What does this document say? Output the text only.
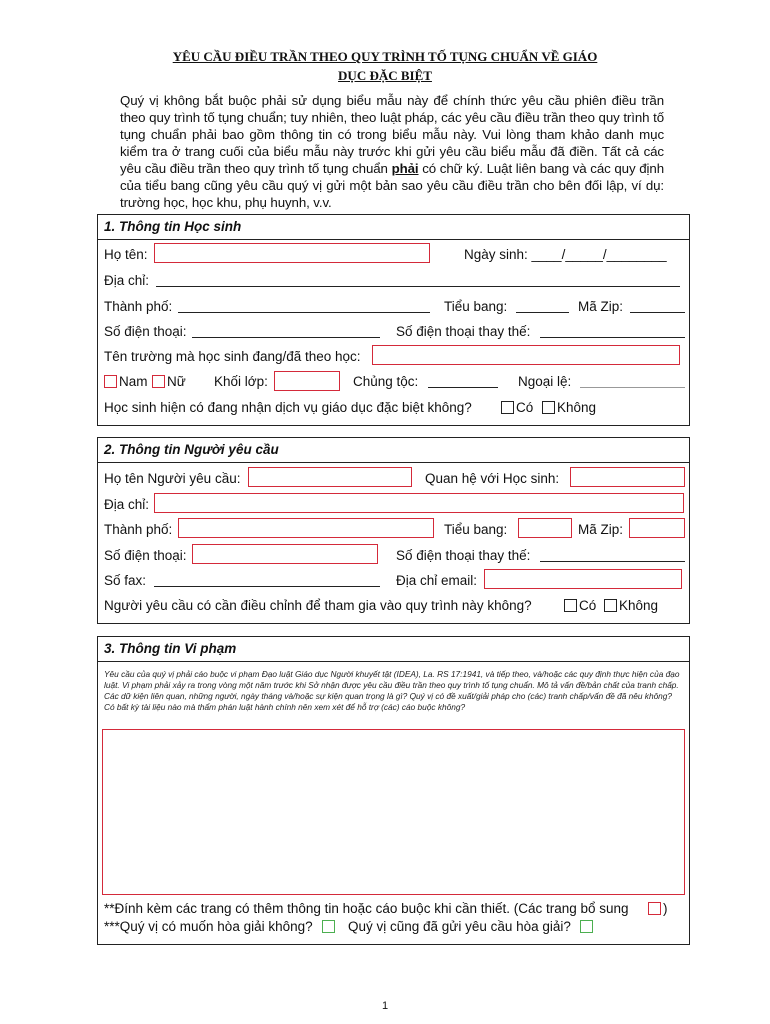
YÊU CẦU ĐIỀU TRẦN THEO QUY TRÌNH TỐ TỤNG CHUẨN VỀ GIÁO
DỤC ĐẶC BIỆT
Quý vị không bắt buộc phải sử dụng biểu mẫu này để chính thức yêu cầu phiên điều trần theo quy trình tố tụng chuẩn; tuy nhiên, theo luật pháp, các yêu cầu điều trần theo quy trình tố tụng chuẩn phải bao gồm thông tin có trong biểu mẫu này. Vui lòng tham khảo danh mục kiểm tra ở trang cuối của biểu mẫu này trước khi gửi yêu cầu biểu mẫu đã điền. Tất cả các yêu cầu điều trần theo quy trình tố tụng chuẩn phải có chữ ký. Luật liên bang và các quy định của tiểu bang cũng yêu cầu quý vị gửi một bản sao yêu cầu điều trần cho bên đối lập, ví dụ: trường học, học khu, phụ huynh, v.v.
1. Thông tin Học sinh
Họ tên:	Ngày sinh: ____/_____/________
Địa chỉ:
Thành phố:	Tiểu bang:	Mã Zip:
Số điện thoại:	Số điện thoại thay thế:
Tên trường mà học sinh đang/đã theo học:
Nam	Nữ Khối lớp:	Chủng tộc:	Ngoại lệ:
Học sinh hiện có đang nhận dịch vụ giáo dục đặc biệt không?	Có	Không
2. Thông tin Người yêu cầu
Họ tên Người yêu cầu:	Quan hệ với Học sinh:
Địa chỉ:
Thành phố:	Tiểu bang:	Mã Zip:
Số điện thoại:	Số điện thoại thay thế:
Số fax:	Địa chỉ email:
Người yêu cầu có cần điều chỉnh để tham gia vào quy trình này không?	Có	Không
3. Thông tin Vi phạm
Yêu cầu của quý vị phải cáo buộc vi phạm Đạo luật Giáo dục Người khuyết tật (IDEA), La. RS 17:1941, và tiếp theo, và/hoặc các quy định thực hiện của đạo luật. Vi phạm phải xảy ra trong vòng một năm trước khi Sở nhận được yêu cầu điều trần theo quy trình tố tụng chuẩn. Mô tả vấn đề/bản chất của tranh chấp. Các dữ kiện liên quan, những người, ngày tháng và/hoặc sự kiện quan trọng là gì? Quý vị có đề xuất/giải pháp cho (các) tranh chấp/vấn đề đã nêu không? Có bất kỳ tài liệu nào mà thẩm phán luật hành chính nên xem xét để hỗ trợ (các) cáo buộc không?
**Đính kèm các trang có thêm thông tin hoặc cáo buộc khi cần thiết. (Các trang bổ sung	)
***Quý vị có muốn hòa giải không?	Quý vị cũng đã gửi yêu cầu hòa giải?
1
